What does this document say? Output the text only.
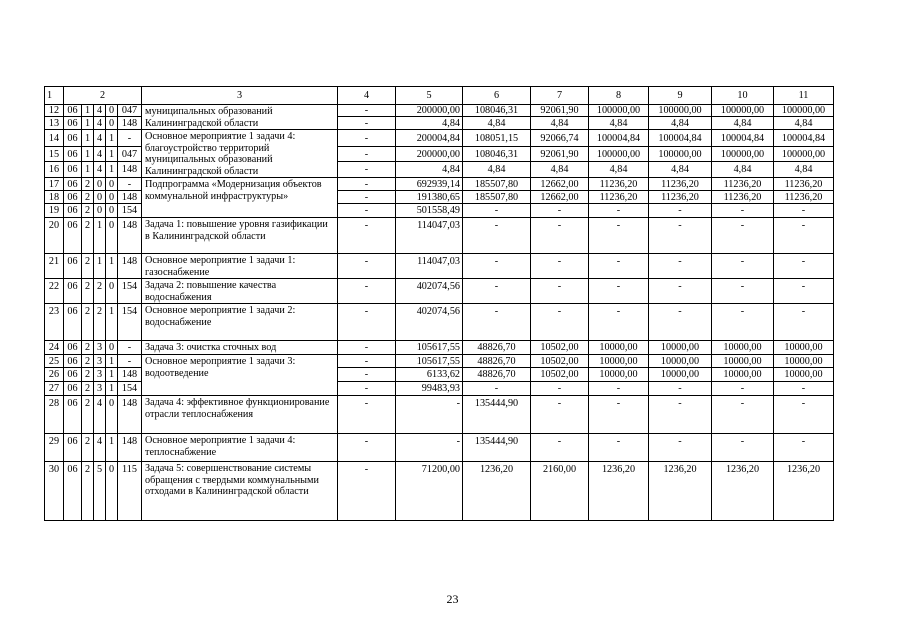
1	2					3	4	5	6	7	8	9	10	11
12	06	1	4	0	047	муниципальных образований Калининградской области	-	200000,00	108046,31	92061,90	100000,00	100000,00	100000,00	100000,00
13	06	1	4	0	148		-	4,84	4,84	4,84	4,84	4,84	4,84	4,84
14	06	1	4	1	-	Основное мероприятие 1 задачи 4: благоустройство территорий муниципальных образований Калининградской области	-	200004,84	108051,15	92066,74	100004,84	100004,84	100004,84	100004,84
15	06	1	4	1	047		-	200000,00	108046,31	92061,90	100000,00	100000,00	100000,00	100000,00
16	06	1	4	1	148		-	4,84	4,84	4,84	4,84	4,84	4,84	4,84
17	06	2	0	0	-	Подпрограмма «Модернизация объектов коммунальной инфраструктуры»	-	692939,14	185507,80	12662,00	11236,20	11236,20	11236,20	11236,20
18	06	2	0	0	148		-	191380,65	185507,80	12662,00	11236,20	11236,20	11236,20	11236,20
19	06	2	0	0	154		-	501558,49	-	-	-	-	-	-
20	06	2	1	0	148	Задача 1: повышение уровня газификации в Калининградской области	-	114047,03	-	-	-	-	-	-
21	06	2	1	1	148	Основное мероприятие 1 задачи 1: газоснабжение	-	114047,03	-	-	-	-	-	-
22	06	2	2	0	154	Задача 2: повышение качества водоснабжения	-	402074,56	-	-	-	-	-	-
23	06	2	2	1	154	Основное мероприятие 1 задачи 2: водоснабжение	-	402074,56	-	-	-	-	-	-
24	06	2	3	0	-	Задача 3: очистка сточных вод	-	105617,55	48826,70	10502,00	10000,00	10000,00	10000,00	10000,00
25	06	2	3	1	-	Основное мероприятие 1 задачи 3: водоотведение	-	105617,55	48826,70	10502,00	10000,00	10000,00	10000,00	10000,00
26	06	2	3	1	148		-	6133,62	48826,70	10502,00	10000,00	10000,00	10000,00	10000,00
27	06	2	3	1	154		-	99483,93	-	-	-	-	-	-
28	06	2	4	0	148	Задача 4: эффективное функционирование отрасли теплоснабжения	-	-	135444,90	-	-	-	-	-
29	06	2	4	1	148	Основное мероприятие 1 задачи 4: теплоснабжение	-	-	135444,90	-	-	-	-	-
30	06	2	5	0	115	Задача 5: совершенствование системы обращения с твердыми коммунальными отходами в Калининградской области	-	71200,00	1236,20	2160,00	1236,20	1236,20	1236,20	1236,20
23
